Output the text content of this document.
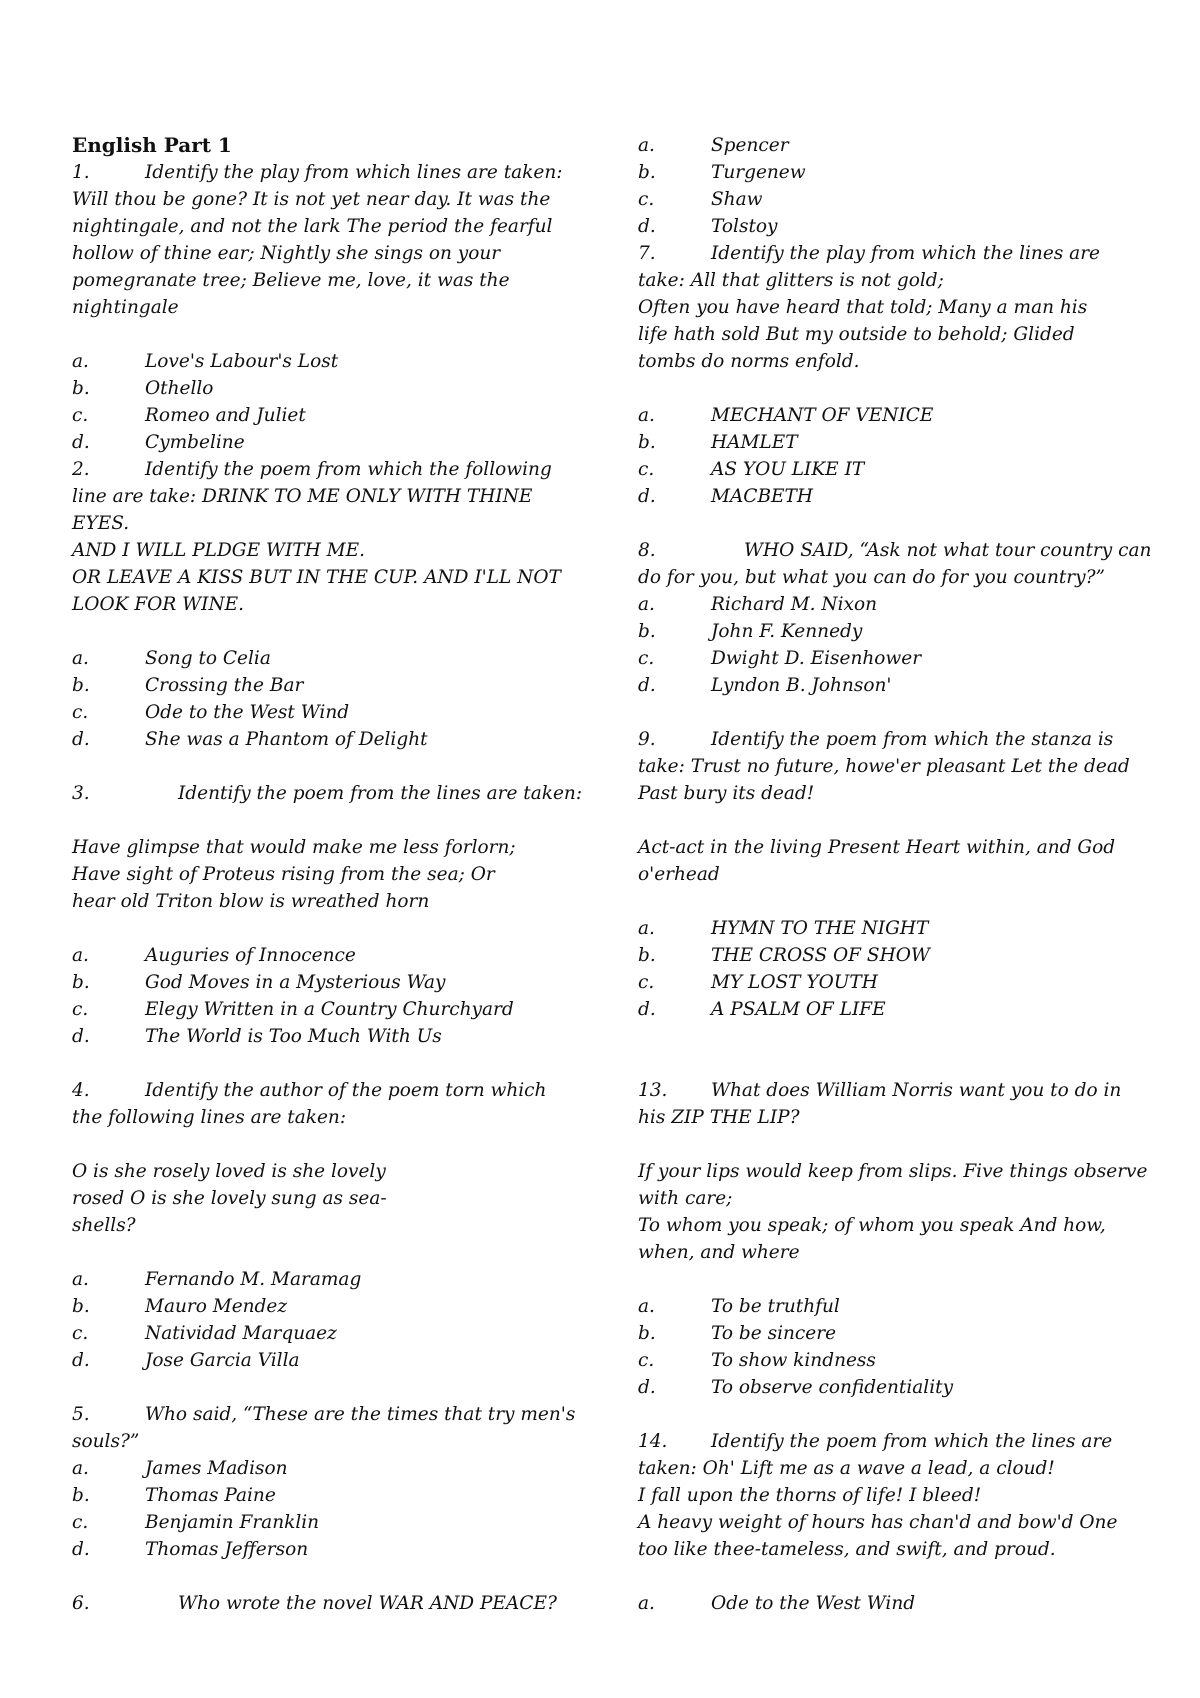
English Part 1
1.	Identify the play from which lines are taken:
Will thou be gone? It is not yet near day. It was the
nightingale, and not the lark The period the fearful
hollow of thine ear; Nightly she sings on your
pomegranate tree; Believe me, love, it was the
nightingale
a.	Love's Labour's Lost
b.	Othello
c.	Romeo and Juliet
d.	Cymbeline
2.	Identify the poem from which the following
line are take: DRINK TO ME ONLY WITH THINE
EYES.
AND I WILL PLDGE WITH ME.
OR LEAVE A KISS BUT IN THE CUP. AND I'LL NOT
LOOK FOR WINE.
a.	Song to Celia
b.	Crossing the Bar
c.	Ode to the West Wind
d.	She was a Phantom of Delight
3.	Identify the poem from the lines are taken:
Have glimpse that would make me less forlorn;
Have sight of Proteus rising from the sea; Or
hear old Triton blow is wreathed horn
a.	Auguries of Innocence
b.	God Moves in a Mysterious Way
c.	Elegy Written in a Country Churchyard
d.	The World is Too Much With Us
4.	Identify the author of the poem torn which
the following lines are taken:
O is she rosely loved is she lovely
rosed O is she lovely sung as sea-
shells?
a.	Fernando M. Maramag
b.	Mauro Mendez
c.	Natividad Marquaez
d.	Jose Garcia Villa
5.	Who said, “These are the times that try men's
souls?”
a.	James Madison
b.	Thomas Paine
c.	Benjamin Franklin
d.	Thomas Jefferson
6.	Who wrote the novel WAR AND PEACE?
a.	Spencer
b.	Turgenew
c.	Shaw
d.	Tolstoy
7.	Identify the play from which the lines are
take: All that glitters is not gold;
Often you have heard that told; Many a man his
life hath sold But my outside to behold; Glided
tombs do norms enfold.
a.	MECHANT OF VENICE
b.	HAMLET
c.	AS YOU LIKE IT
d.	MACBETH
8.	WHO SAID, “Ask not what tour country can
do for you, but what you can do for you country?”
a.	Richard M. Nixon
b.	John F. Kennedy
c.	Dwight D. Eisenhower
d.	Lyndon B. Johnson'
9.	Identify the poem from which the stanza is
take: Trust no future, howe'er pleasant Let the dead
Past bury its dead!
Act-act in the living Present Heart within, and God
o'erhead
a.	HYMN TO THE NIGHT
b.	THE CROSS OF SHOW
c.	MY LOST YOUTH
d.	A PSALM OF LIFE
13. What does William Norris want you to do in
his ZIP THE LIP?
If your lips would keep from slips. Five things observe
with care;
To whom you speak; of whom you speak And how,
when, and where
a.	To be truthful
b.	To be sincere
c.	To show kindness
d.	To observe confidentiality
14. Identify the poem from which the lines are
taken: Oh' Lift me as a wave a lead, a cloud!
I fall upon the thorns of life! I bleed!
A heavy weight of hours has chan'd and bow'd One
too like thee-tameless, and swift, and proud.
a.	Ode to the West Wind
